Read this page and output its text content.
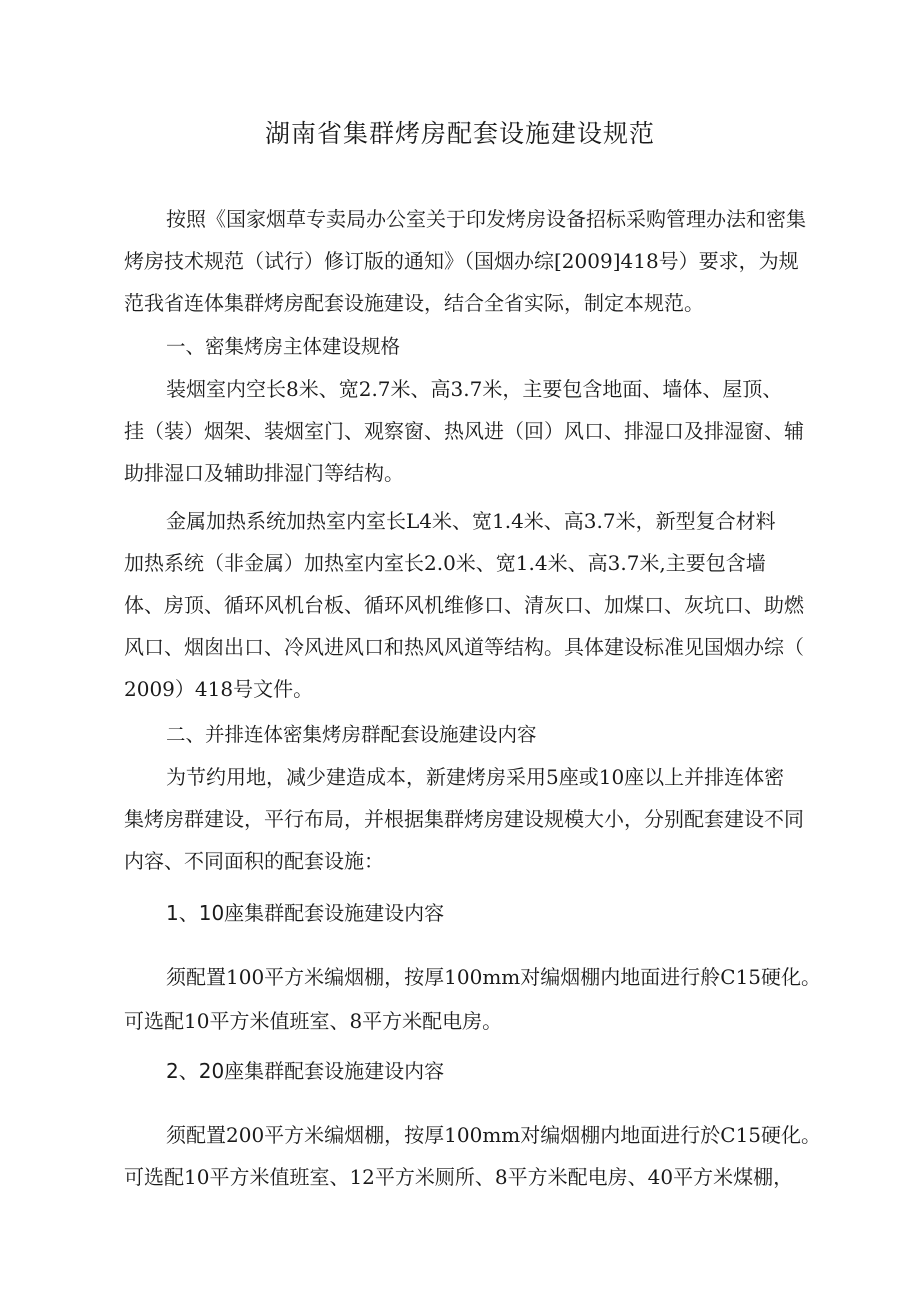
湖南省集群烤房配套设施建设规范
按照《国家烟草专卖局办公室关于印发烤房设备招标采购管理办法和密集
烤房技术规范（试行）修订版的通知》（国烟办综[2009]418号）要求，为规
范我省连体集群烤房配套设施建设，结合全省实际，制定本规范。
一、密集烤房主体建设规格
装烟室内空长8米、宽2.7米、高3.7米，主要包含地面、墙体、屋顶、
挂（装）烟架、装烟室门、观察窗、热风进（回）风口、排湿口及排湿窗、辅
助排湿口及辅助排湿门等结构。
金属加热系统加热室内室长L4米、宽1.4米、高3.7米，新型复合材料
加热系统（非金属）加热室内室长2.0米、宽1.4米、高3.7米,主要包含墙
体、房顶、循环风机台板、循环风机维修口、清灰口、加煤口、灰坑口、助燃
风口、烟囱出口、冷风进风口和热风风道等结构。具体建设标准见国烟办综（
2009）418号文件。
二、并排连体密集烤房群配套设施建设内容
为节约用地，减少建造成本，新建烤房采用5座或10座以上并排连体密
集烤房群建设，平行布局，并根据集群烤房建设规模大小，分别配套建设不同
内容、不同面积的配套设施：
1、10座集群配套设施建设内容
须配置100平方米编烟棚，按厚100mm对编烟棚内地面进行舲C15硬化。
可选配10平方米值班室、8平方米配电房。
2、20座集群配套设施建设内容
须配置200平方米编烟棚，按厚100mm对编烟棚内地面进行於C15硬化。
可选配10平方米值班室、12平方米厕所、8平方米配电房、40平方米煤棚，
